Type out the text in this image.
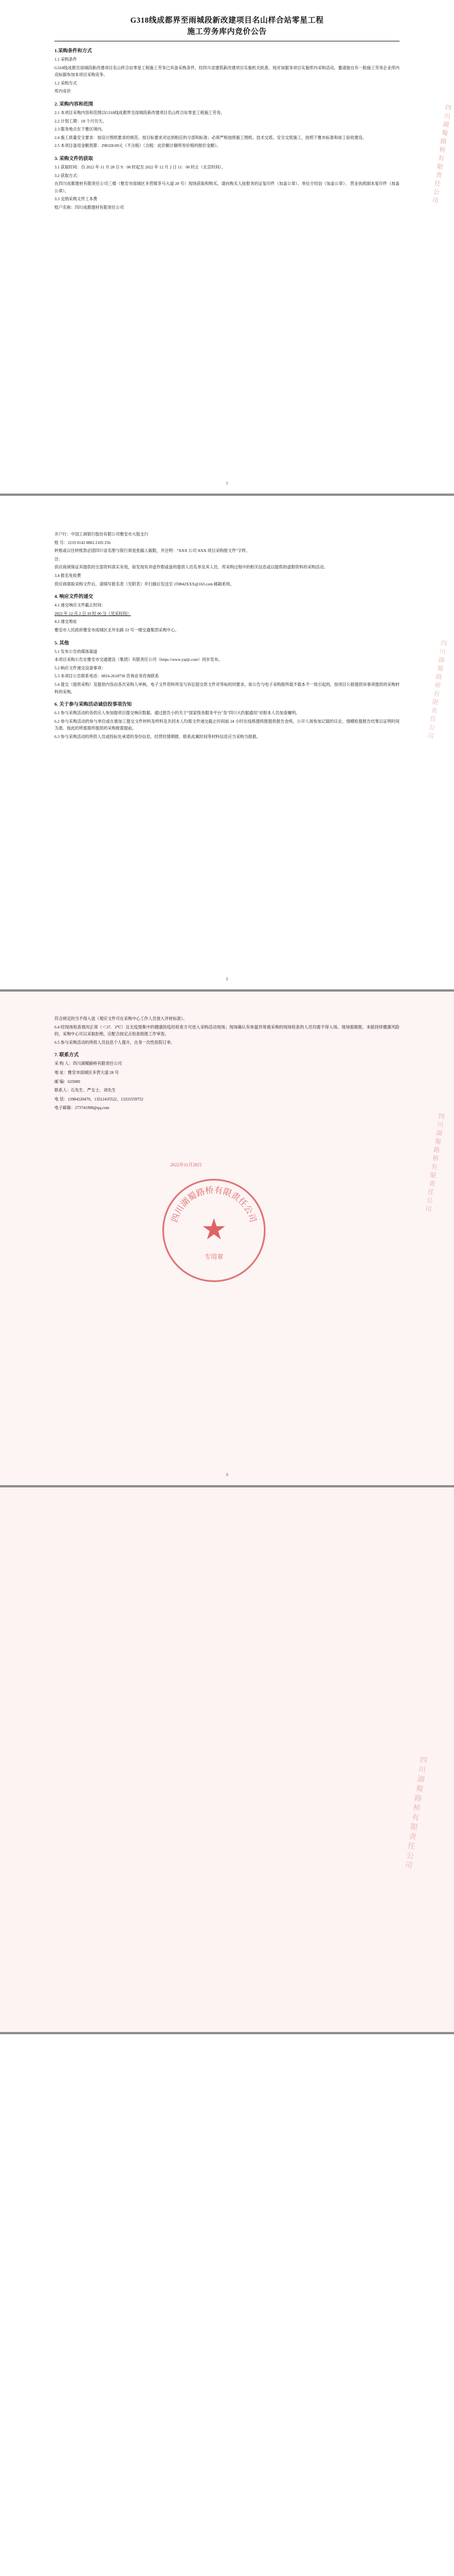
G318线成都界至雨城段新改建项目名山样合站零星工程
施工劳务库内竞价公告
1.采购条件和方式

1.1 采购条件

G318线成都至雨城段新改建项目名山样合站零星工程施工劳务已具备采购条件，经四川省建筑新改建项目实施机关批准，现对该服务项目实施库内采购活动，邀请独自有一般施工劳务企业库内竞标据参加本项目采购竞争。

1.2 采购方式

库内竞价

2. 采购内容和范围

2.1 本项目采购内容和范围以G318线成都界至雨城段新改建项目名山样合站零星工程施工劳务。

2.2 计划工期：18 个月历天。

2.3 服务地点在下雅区境内。

2.4 施工质量安全要求：按设计图纸要求的规范、按目标要求对达到相应的分部和标准；必须严格按照施工图纸、技术交底、安全交底施工，按照下雅市标准和竣工验收建设。

2.5 本项目备用金额预算：298328.00元（不含税）（含税：此价额计额所券价格的报价金额）。

3. 采购文件的获取

3.1 获取时间：自 2022 年 11 月 28 日 9：00 时起至 2022 年 12 月 2 日 11：00 时止（北京时间）。

3.2 获取方式：

在四川成都建材有限责任公司三楼（雅安市雨城区多营镇茶马大道 28 号）现场获取和购买。请向购买人按报务的证复印件（加盖公章）、单位介绍信（加盖公章）、 营业执照副本复印件（加盖公章）。

3.3 交纳采购文件工本费

账户名称：四川成都建材有限责任公司

四川湖蜀路桥有限责任公司
1

开户行：中国工商银行股份有限公司雅安市大股支行

账 号：2219 0142 0802 2105 256

转账或以往转账款必固四川省名册与银行须是张输入敏限，并注明："XXX 公司 XXX 项目采购报文件"字样。

注：

供应商须保证其提供的全部资料真实有效，如发现有弄虚作假或备的提供人员名单及其人员、库采购过程中的相关信息或以提供的虚假资料的采购活动。

3.4 报名免收费

供应商需取采购文件后，请填写报名表（见附表）并扫描后发送至 159842XXX@163.com 邮箱系统。

4. 响应文件的递交

4.1 递交响应文件截止时间：

2022 年 12 月 2 日 10 时 00 分（见采时间）

4.2 递交地址

雅安市人民政府雅安市雨城区北外东路 33 号一楼交通集团采购中心。

5. 其他

5.1 发布公告的媒体渠道

本项目采购公告在雅安市交通建设（集团）有限责任公司（https://www.yajtjt.com）同步发布。

5.2 响应文件递交设备事项：

5.3 本项目公告联系电话：0816-2618730 咨询业务咨询联系

5.4 提交（提供采购）及提供内容由各次采购人审核，电子文件资料所及与诉讼提交供文件对等标的同要求，如公告与电子采购报所载不载本不一致引起的，按项目公报提供诉事项提供的采购材料的采购。

6. 关于参与采购活动诚信投事项告知

6.1 参与采购活动的各供应人参加提项目提交响应数据。通过报告小的关于"国家级各服务平台"及"四川大约据通用"对报本人员加查履明。

6.2 参与采购活动的参与单位或在被加工提交文件材料及样料及共同本人均需文件递交截止时间前 24 小时在线格提统报提供报告金统，公开人场参加记载的议论、情稽检提报告结果以证明时间为准。按此的所需需所提供的采购报需提前。

6.3 参与采购活动的所供人员或投标处承诺的身份信息、经营经情期报、联系此属时间等材料信息应当采购当报报。	四川湖蜀路桥有限责任公司
2

符合规定的当不得入选（观应文件可在采购中心工作人员登入评材标准）。

6.4 经现场检查情况正常（＜37．3℃）且无疫情集中的健康防疫经检查方可进入采购活动现场；现场确认有体温异常被采购的现场检查的人员均需不得入场。现场需做报，本能持续健康风险的，采购中心可以采取拒绝，应配合按定点检查组报工作审查。

6.5 参与采购活动的所供人员信息个人提升，自身一次性医院订单。

7. 联系方式

采 购 人：四川湖蜀路桥有限责任公司

地 址：雅安市雨城区多营大道 28 号

邮 编：625000

联系人：石先生、严女士、刘先生

电 话：13984220470、13512435522、13331559752

电子邮箱：273741090@qq.com

四川湖蜀路桥有限责任公司
★
专用章
2022年11月28日	四川湖蜀路桥有限责任公司
3
四川湖蜀路桥有限责任公司
